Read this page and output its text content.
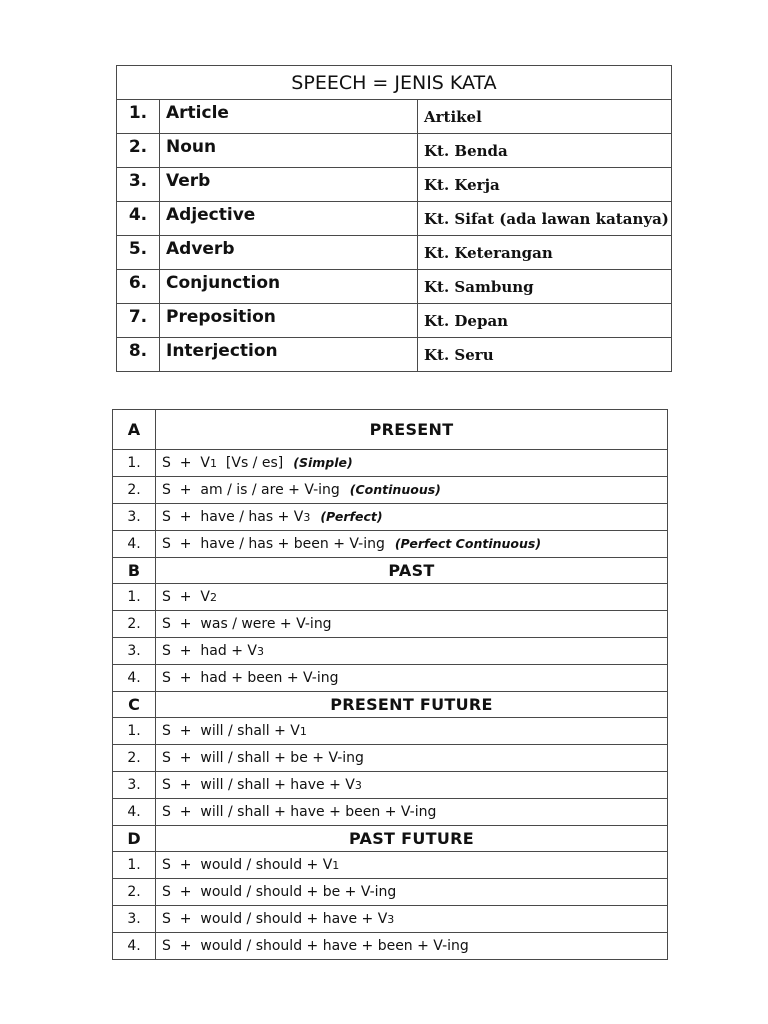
SPEECH = JENIS KATA		
1.	Article	Artikel
2.	Noun	Kt. Benda
3.	Verb	Kt. Kerja
4.	Adjective	Kt. Sifat (ada lawan katanya)
5.	Adverb	Kt. Keterangan
6.	Conjunction	Kt. Sambung
7.	Preposition	Kt. Depan
8.	Interjection	Kt. Seru
A	PRESENT
1.	S  +  V1  [Vs / es] (Simple)
2.	S  +  am / is / are + V-ing (Continuous)
3.	S  +  have / has + V3 (Perfect)
4.	S  +  have / has + been + V-ing (Perfect Continuous)
B	PAST
1.	S  +  V2
2.	S  +  was / were + V-ing
3.	S  +  had + V3
4.	S  +  had + been + V-ing
C	PRESENT FUTURE
1.	S  +  will / shall + V1
2.	S  +  will / shall + be + V-ing
3.	S  +  will / shall + have + V3
4.	S  +  will / shall + have + been + V-ing
D	PAST FUTURE
1.	S  +  would / should + V1
2.	S  +  would / should + be + V-ing
3.	S  +  would / should + have + V3
4.	S  +  would / should + have + been + V-ing
